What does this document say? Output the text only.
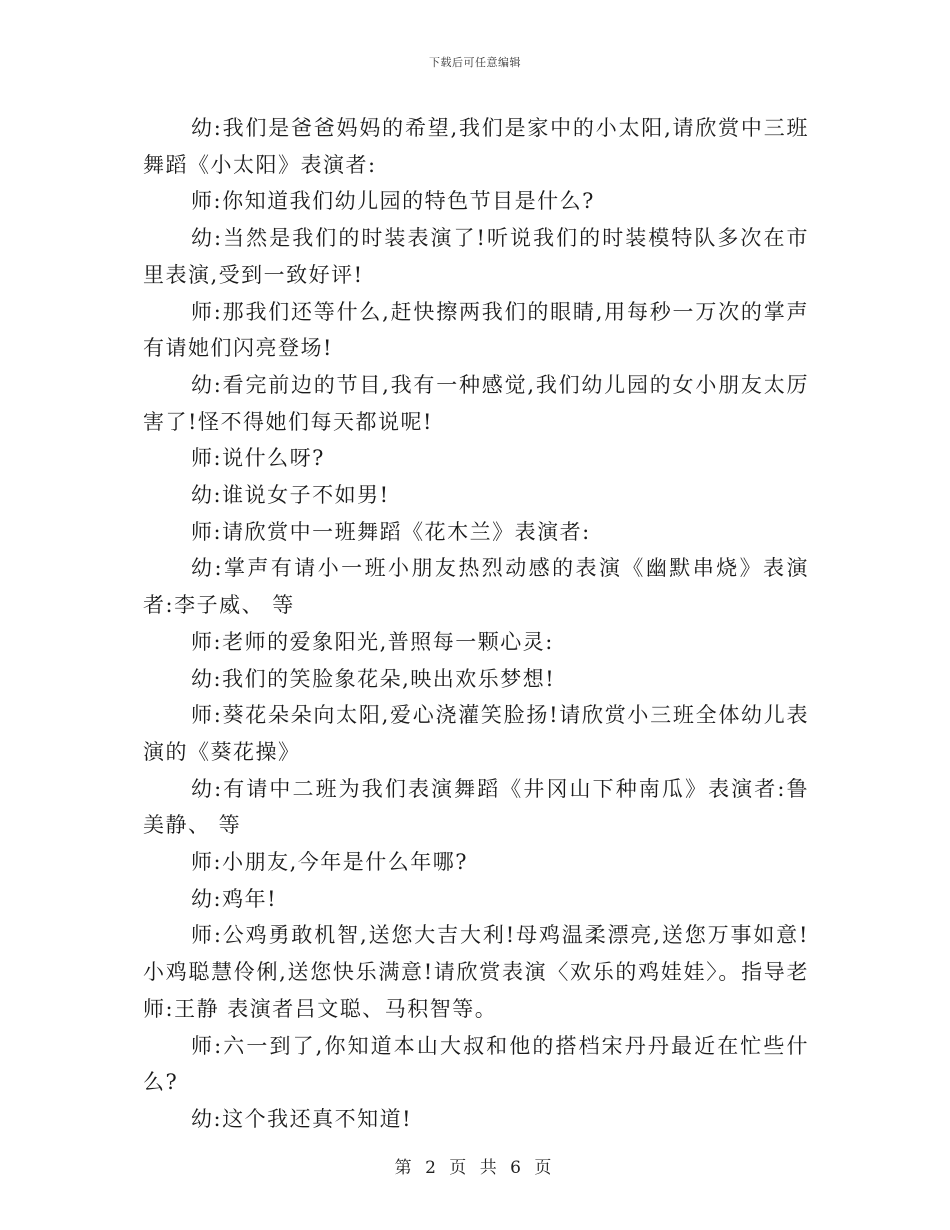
下载后可任意编辑

幼:我们是爸爸妈妈的希望,我们是家中的小太阳,请欣赏中三班舞蹈《小太阳》表演者:

师:你知道我们幼儿园的特色节目是什么?

幼:当然是我们的时装表演了!听说我们的时装模特队多次在市里表演,受到一致好评!

师:那我们还等什么,赶快擦两我们的眼睛,用每秒一万次的掌声有请她们闪亮登场!

幼:看完前边的节目,我有一种感觉,我们幼儿园的女小朋友太厉害了!怪不得她们每天都说呢!

师:说什么呀?

幼:谁说女子不如男!

师:请欣赏中一班舞蹈《花木兰》表演者:

幼:掌声有请小一班小朋友热烈动感的表演《幽默串烧》表演者:李子威、 等

师:老师的爱象阳光,普照每一颗心灵:

幼:我们的笑脸象花朵,映出欢乐梦想!

师:葵花朵朵向太阳,爱心浇灌笑脸扬!请欣赏小三班全体幼儿表演的《葵花操》

幼:有请中二班为我们表演舞蹈《井冈山下种南瓜》表演者:鲁美静、 等

师:小朋友,今年是什么年哪?

幼:鸡年!

师:公鸡勇敢机智,送您大吉大利!母鸡温柔漂亮,送您万事如意!小鸡聪慧伶俐,送您快乐满意!请欣赏表演〈欢乐的鸡娃娃〉。指导老师:王静 表演者吕文聪、马积智等。

师:六一到了,你知道本山大叔和他的搭档宋丹丹最近在忙些什么?

幼:这个我还真不知道!

第 2 页 共 6 页
